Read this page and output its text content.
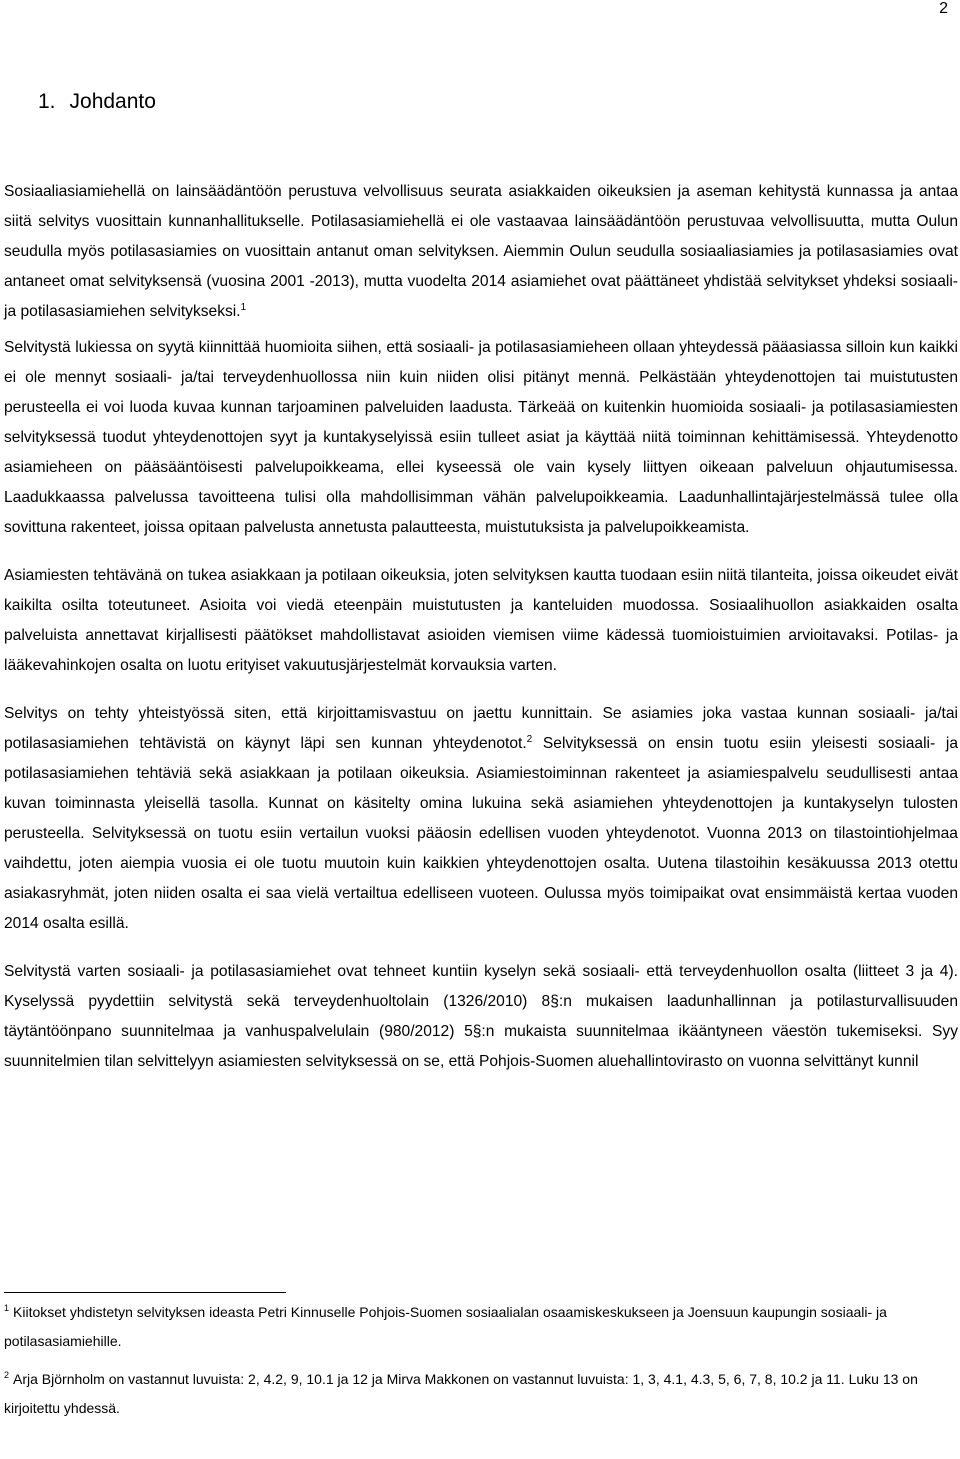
2
1. Johdanto

Sosiaaliasiamiehellä on lainsäädäntöön perustuva velvollisuus seurata asiakkaiden oikeuksien ja aseman kehitystä kunnassa ja antaa siitä selvitys vuosittain kunnanhallitukselle. Potilasasiamiehellä ei ole vastaavaa lainsäädäntöön perustuvaa velvollisuutta, mutta Oulun seudulla myös potilasasiamies on vuosittain antanut oman selvityksen. Aiemmin Oulun seudulla sosiaaliasiamies ja potilasasiamies ovat antaneet omat selvityksensä (vuosina 2001 -2013), mutta vuodelta 2014 asiamiehet ovat päättäneet yhdistää selvitykset yhdeksi sosiaali- ja potilasasiamiehen selvitykseksi.$^1$

Selvitystä lukiessa on syytä kiinnittää huomioita siihen, että sosiaali- ja potilasasiamieheen ollaan yhteydessä pääasiassa silloin kun kaikki ei ole mennyt sosiaali- ja/tai terveydenhuollossa niin kuin niiden olisi pitänyt mennä. Pelkästään yhteydenottojen tai muistutusten perusteella ei voi luoda kuvaa kunnan tarjoaminen palveluiden laadusta. Tärkeää on kuitenkin huomioida sosiaali- ja potilasasiamiesten selvityksessä tuodut yhteydenottojen syyt ja kuntakyselyissä esiin tulleet asiat ja käyttää niitä toiminnan kehittämisessä. Yhteydenotto asiamieheen on pääsääntöisesti palvelupoikkeama, ellei kyseessä ole vain kysely liittyen oikeaan palveluun ohjautumisessa. Laadukkaassa palvelussa tavoitteena tulisi olla mahdollisimman vähän palvelupoikkeamia. Laadunhallintajärjestelmässä tulee olla sovittuna rakenteet, joissa opitaan palvelusta annetusta palautteesta, muistutuksista ja palvelupoikkeamista.

Asiamiesten tehtävänä on tukea asiakkaan ja potilaan oikeuksia, joten selvityksen kautta tuodaan esiin niitä tilanteita, joissa oikeudet eivät kaikilta osilta toteutuneet. Asioita voi viedä eteenpäin muistutusten ja kanteluiden muodossa. Sosiaalihuollon asiakkaiden osalta palveluista annettavat kirjallisesti päätökset mahdollistavat asioiden viemisen viime kädessä tuomioistuimien arvioitavaksi. Potilas- ja lääkevahinkojen osalta on luotu erityiset vakuutusjärjestelmät korvauksia varten.

Selvitys on tehty yhteistyössä siten, että kirjoittamisvastuu on jaettu kunnittain. Se asiamies joka vastaa kunnan sosiaali- ja/tai potilasasiamiehen tehtävistä on käynyt läpi sen kunnan yhteydenotot.$^2$ Selvityksessä on ensin tuotu esiin yleisesti sosiaali- ja potilasasiamiehen tehtäviä sekä asiakkaan ja potilaan oikeuksia. Asiamiestoiminnan rakenteet ja asiamiespalvelu seudullisesti antaa kuvan toiminnasta yleisellä tasolla. Kunnat on käsitelty omina lukuina sekä asiamiehen yhteydenottojen ja kuntakyselyn tulosten perusteella. Selvityksessä on tuotu esiin vertailun vuoksi pääosin edellisen vuoden yhteydenotot. Vuonna 2013 on tilastointiohjelmaa vaihdettu, joten aiempia vuosia ei ole tuotu muutoin kuin kaikkien yhteydenottojen osalta. Uutena tilastoihin kesäkuussa 2013 otettu asiakasryhmät, joten niiden osalta ei saa vielä vertailtua edelliseen vuoteen. Oulussa myös toimipaikat ovat ensimmäistä kertaa vuoden 2014 osalta esillä.

Selvitystä varten sosiaali- ja potilasasiamiehet ovat tehneet kuntiin kyselyn sekä sosiaali- että terveydenhuollon osalta (liitteet 3 ja 4). Kyselyssä pyydettiin selvitystä sekä terveydenhuoltolain (1326/2010) 8§:n mukaisen laadunhallinnan ja potilasturvallisuuden täytäntöönpano suunnitelmaa ja vanhuspalvelulain (980/2012) 5§:n mukaista suunnitelmaa ikääntyneen väestön tukemiseksi. Syy suunnitelmien tilan selvittelyyn asiamiesten selvityksessä on se, että Pohjois-Suomen aluehallintovirasto on vuonna selvittänyt kunnil

$^1$ Kiitokset yhdistetyn selvityksen ideasta Petri Kinnuselle Pohjois-Suomen sosiaalialan osaamiskeskukseen ja Joensuun kaupungin sosiaali- ja potilasasiamiehille.
$^2$ Arja Björnholm on vastannut luvuista: 2, 4.2, 9, 10.1 ja 12 ja Mirva Makkonen on vastannut luvuista: 1, 3, 4.1, 4.3, 5, 6, 7, 8, 10.2 ja 11. Luku 13 on kirjoitettu yhdessä.
